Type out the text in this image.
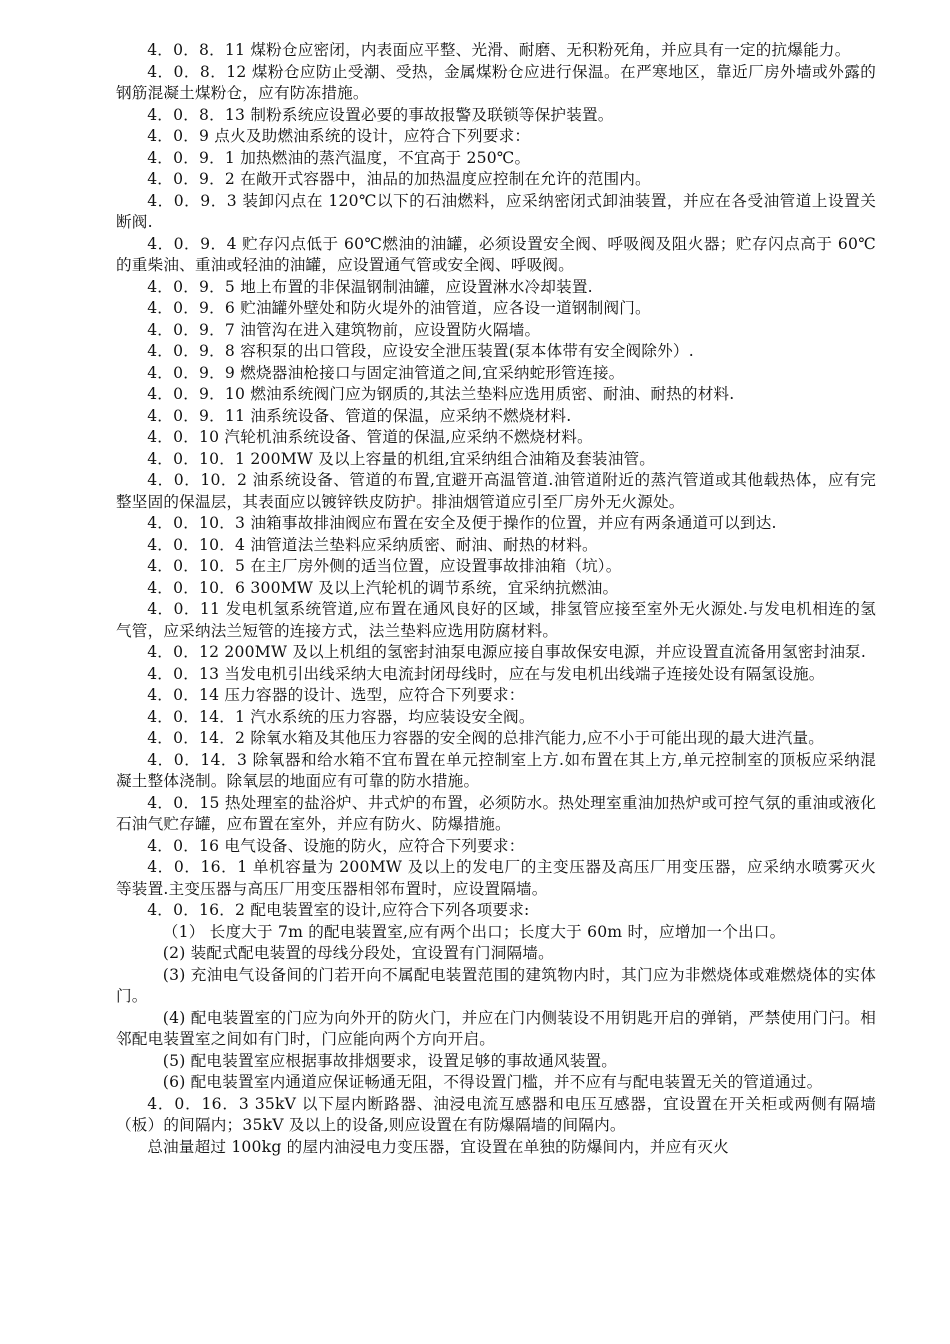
4．0．8．11 煤粉仓应密闭，内表面应平整、光滑、耐磨、无积粉死角，并应具有一定的抗爆能力。

4．0．8．12 煤粉仓应防止受潮、受热，金属煤粉仓应进行保温。在严寒地区，靠近厂房外墙或外露的钢筋混凝土煤粉仓，应有防冻措施。

4．0．8．13 制粉系统应设置必要的事故报警及联锁等保护装置。

4．0．9 点火及助燃油系统的设计，应符合下列要求：

4．0．9．1 加热燃油的蒸汽温度，不宜高于 250℃。

4．0．9．2 在敞开式容器中，油品的加热温度应控制在允许的范围内。

4．0．9．3 装卸闪点在 120℃以下的石油燃料，应采纳密闭式卸油装置，并应在各受油管道上设置关断阀.

4．0．9．4 贮存闪点低于 60℃燃油的油罐，必须设置安全阀、呼吸阀及阻火器；贮存闪点高于 60℃的重柴油、重油或轻油的油罐，应设置通气管或安全阀、呼吸阀。

4．0．9．5 地上布置的非保温钢制油罐，应设置淋水冷却装置.

4．0．9．6 贮油罐外壁处和防火堤外的油管道，应各设一道钢制阀门。

4．0．9．7 油管沟在进入建筑物前，应设置防火隔墙。

4．0．9．8 容积泵的出口管段，应设安全泄压装置(泵本体带有安全阀除外）.

4．0．9．9 燃烧器油枪接口与固定油管道之间,宜采纳蛇形管连接。

4．0．9．10 燃油系统阀门应为钢质的,其法兰垫料应选用质密、耐油、耐热的材料.

4．0．9．11 油系统设备、管道的保温，应采纳不燃烧材料.

4．0．10 汽轮机油系统设备、管道的保温,应采纳不燃烧材料。

4．0．10．1 200MW 及以上容量的机组,宜采纳组合油箱及套装油管。

4．0．10．2 油系统设备、管道的布置,宜避开高温管道.油管道附近的蒸汽管道或其他载热体，应有完整坚固的保温层，其表面应以镀锌铁皮防护。排油烟管道应引至厂房外无火源处。

4．0．10．3 油箱事故排油阀应布置在安全及便于操作的位置，并应有两条通道可以到达.

4．0．10．4 油管道法兰垫料应采纳质密、耐油、耐热的材料。

4．0．10．5 在主厂房外侧的适当位置，应设置事故排油箱（坑）。

4．0．10．6 300MW 及以上汽轮机的调节系统，宜采纳抗燃油。

4．0．11 发电机氢系统管道,应布置在通风良好的区域，排氢管应接至室外无火源处.与发电机相连的氢气管，应采纳法兰短管的连接方式，法兰垫料应选用防腐材料。

4．0．12 200MW 及以上机组的氢密封油泵电源应接自事故保安电源，并应设置直流备用氢密封油泵.

4．0．13 当发电机引出线采纳大电流封闭母线时，应在与发电机出线端子连接处设有隔氢设施。

4．0．14 压力容器的设计、选型，应符合下列要求：

4．0．14．1 汽水系统的压力容器，均应装设安全阀。

4．0．14．2 除氧水箱及其他压力容器的安全阀的总排汽能力,应不小于可能出现的最大进汽量。

4．0．14．3 除氧器和给水箱不宜布置在单元控制室上方.如布置在其上方,单元控制室的顶板应采纳混凝土整体浇制。除氧层的地面应有可靠的防水措施。

4．0．15 热处理室的盐浴炉、井式炉的布置，必须防水。热处理室重油加热炉或可控气氛的重油或液化石油气贮存罐，应布置在室外，并应有防火、防爆措施。

4．0．16 电气设备、设施的防火，应符合下列要求：

4．0．16．1 单机容量为 200MW 及以上的发电厂的主变压器及高压厂用变压器，应采纳水喷雾灭火等装置.主变压器与高压厂用变压器相邻布置时，应设置隔墙。

4．0．16．2 配电装置室的设计,应符合下列各项要求:

（1） 长度大于 7m 的配电装置室,应有两个出口；长度大于 60m 时，应增加一个出口。

(2) 装配式配电装置的母线分段处，宜设置有门洞隔墙。

(3) 充油电气设备间的门若开向不属配电装置范围的建筑物内时，其门应为非燃烧体或难燃烧体的实体门。

(4) 配电装置室的门应为向外开的防火门，并应在门内侧装设不用钥匙开启的弹销，严禁使用门闩。相邻配电装置室之间如有门时，门应能向两个方向开启。

(5) 配电装置室应根据事故排烟要求，设置足够的事故通风装置。

(6) 配电装置室内通道应保证畅通无阻，不得设置门槛，并不应有与配电装置无关的管道通过。

4．0．16．3 35kV 以下屋内断路器、油浸电流互感器和电压互感器，宜设置在开关柜或两侧有隔墙（板）的间隔内；35kV 及以上的设备,则应设置在有防爆隔墙的间隔内。

总油量超过 100kg 的屋内油浸电力变压器，宜设置在单独的防爆间内，并应有灭火
